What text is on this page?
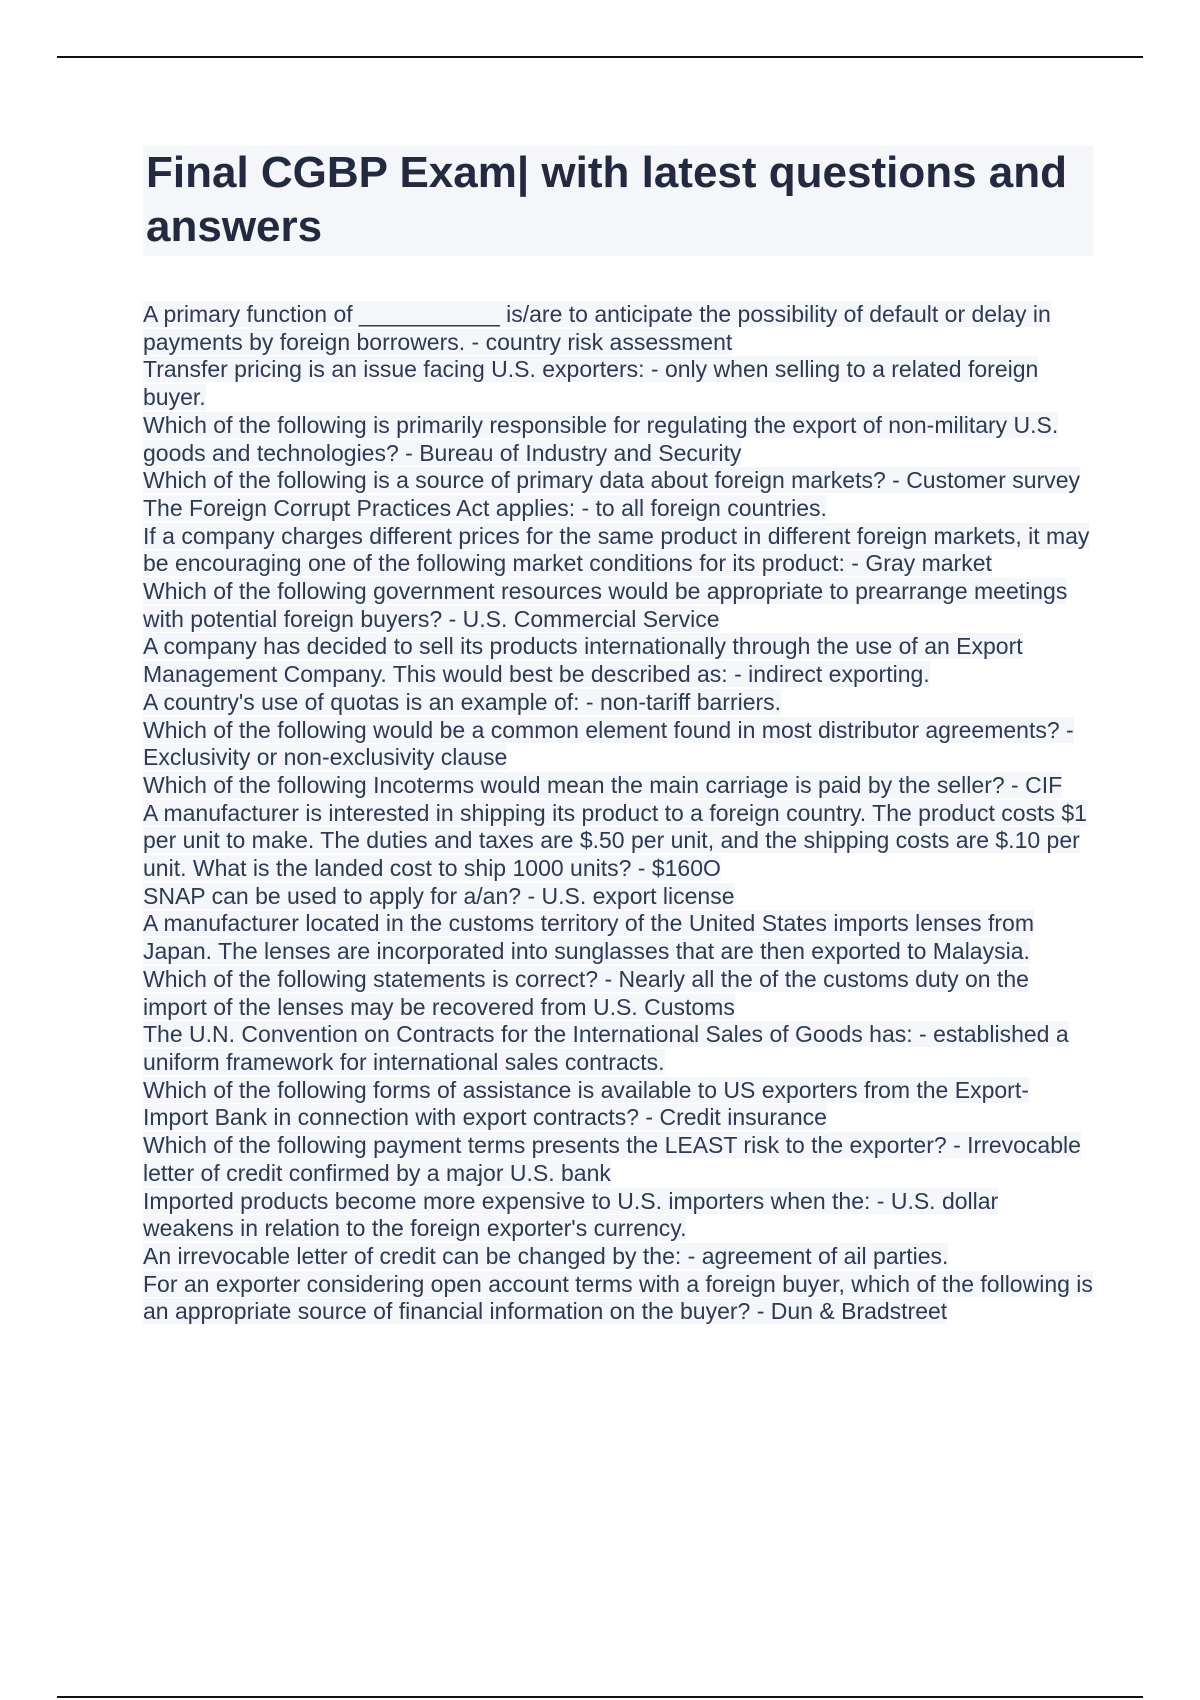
Final CGBP Exam| with latest questions and answers
A primary function of ___________ is/are to anticipate the possibility of default or delay in payments by foreign borrowers. - country risk assessment
Transfer pricing is an issue facing U.S. exporters: - only when selling to a related foreign buyer.
Which of the following is primarily responsible for regulating the export of non-military U.S. goods and technologies? - Bureau of Industry and Security
Which of the following is a source of primary data about foreign markets? - Customer survey
The Foreign Corrupt Practices Act applies: - to all foreign countries.
If a company charges different prices for the same product in different foreign markets, it may be encouraging one of the following market conditions for its product: - Gray market
Which of the following government resources would be appropriate to prearrange meetings with potential foreign buyers? - U.S. Commercial Service
A company has decided to sell its products internationally through the use of an Export Management Company. This would best be described as: - indirect exporting.
A country's use of quotas is an example of: - non-tariff barriers.
Which of the following would be a common element found in most distributor agreements? - Exclusivity or non-exclusivity clause
Which of the following Incoterms would mean the main carriage is paid by the seller? - CIF
A manufacturer is interested in shipping its product to a foreign country. The product costs $1 per unit to make. The duties and taxes are $.50 per unit, and the shipping costs are $.10 per unit. What is the landed cost to ship 1000 units? - $160O
SNAP can be used to apply for a/an? - U.S. export license
A manufacturer located in the customs territory of the United States imports lenses from Japan. The lenses are incorporated into sunglasses that are then exported to Malaysia. Which of the following statements is correct? - Nearly all the of the customs duty on the import of the lenses may be recovered from U.S. Customs
The U.N. Convention on Contracts for the International Sales of Goods has: - established a uniform framework for international sales contracts.
Which of the following forms of assistance is available to US exporters from the Export-Import Bank in connection with export contracts? - Credit insurance
Which of the following payment terms presents the LEAST risk to the exporter? - Irrevocable letter of credit confirmed by a major U.S. bank
Imported products become more expensive to U.S. importers when the: - U.S. dollar weakens in relation to the foreign exporter's currency.
An irrevocable letter of credit can be changed by the: - agreement of ail parties.
For an exporter considering open account terms with a foreign buyer, which of the following is an appropriate source of financial information on the buyer? - Dun & Bradstreet
